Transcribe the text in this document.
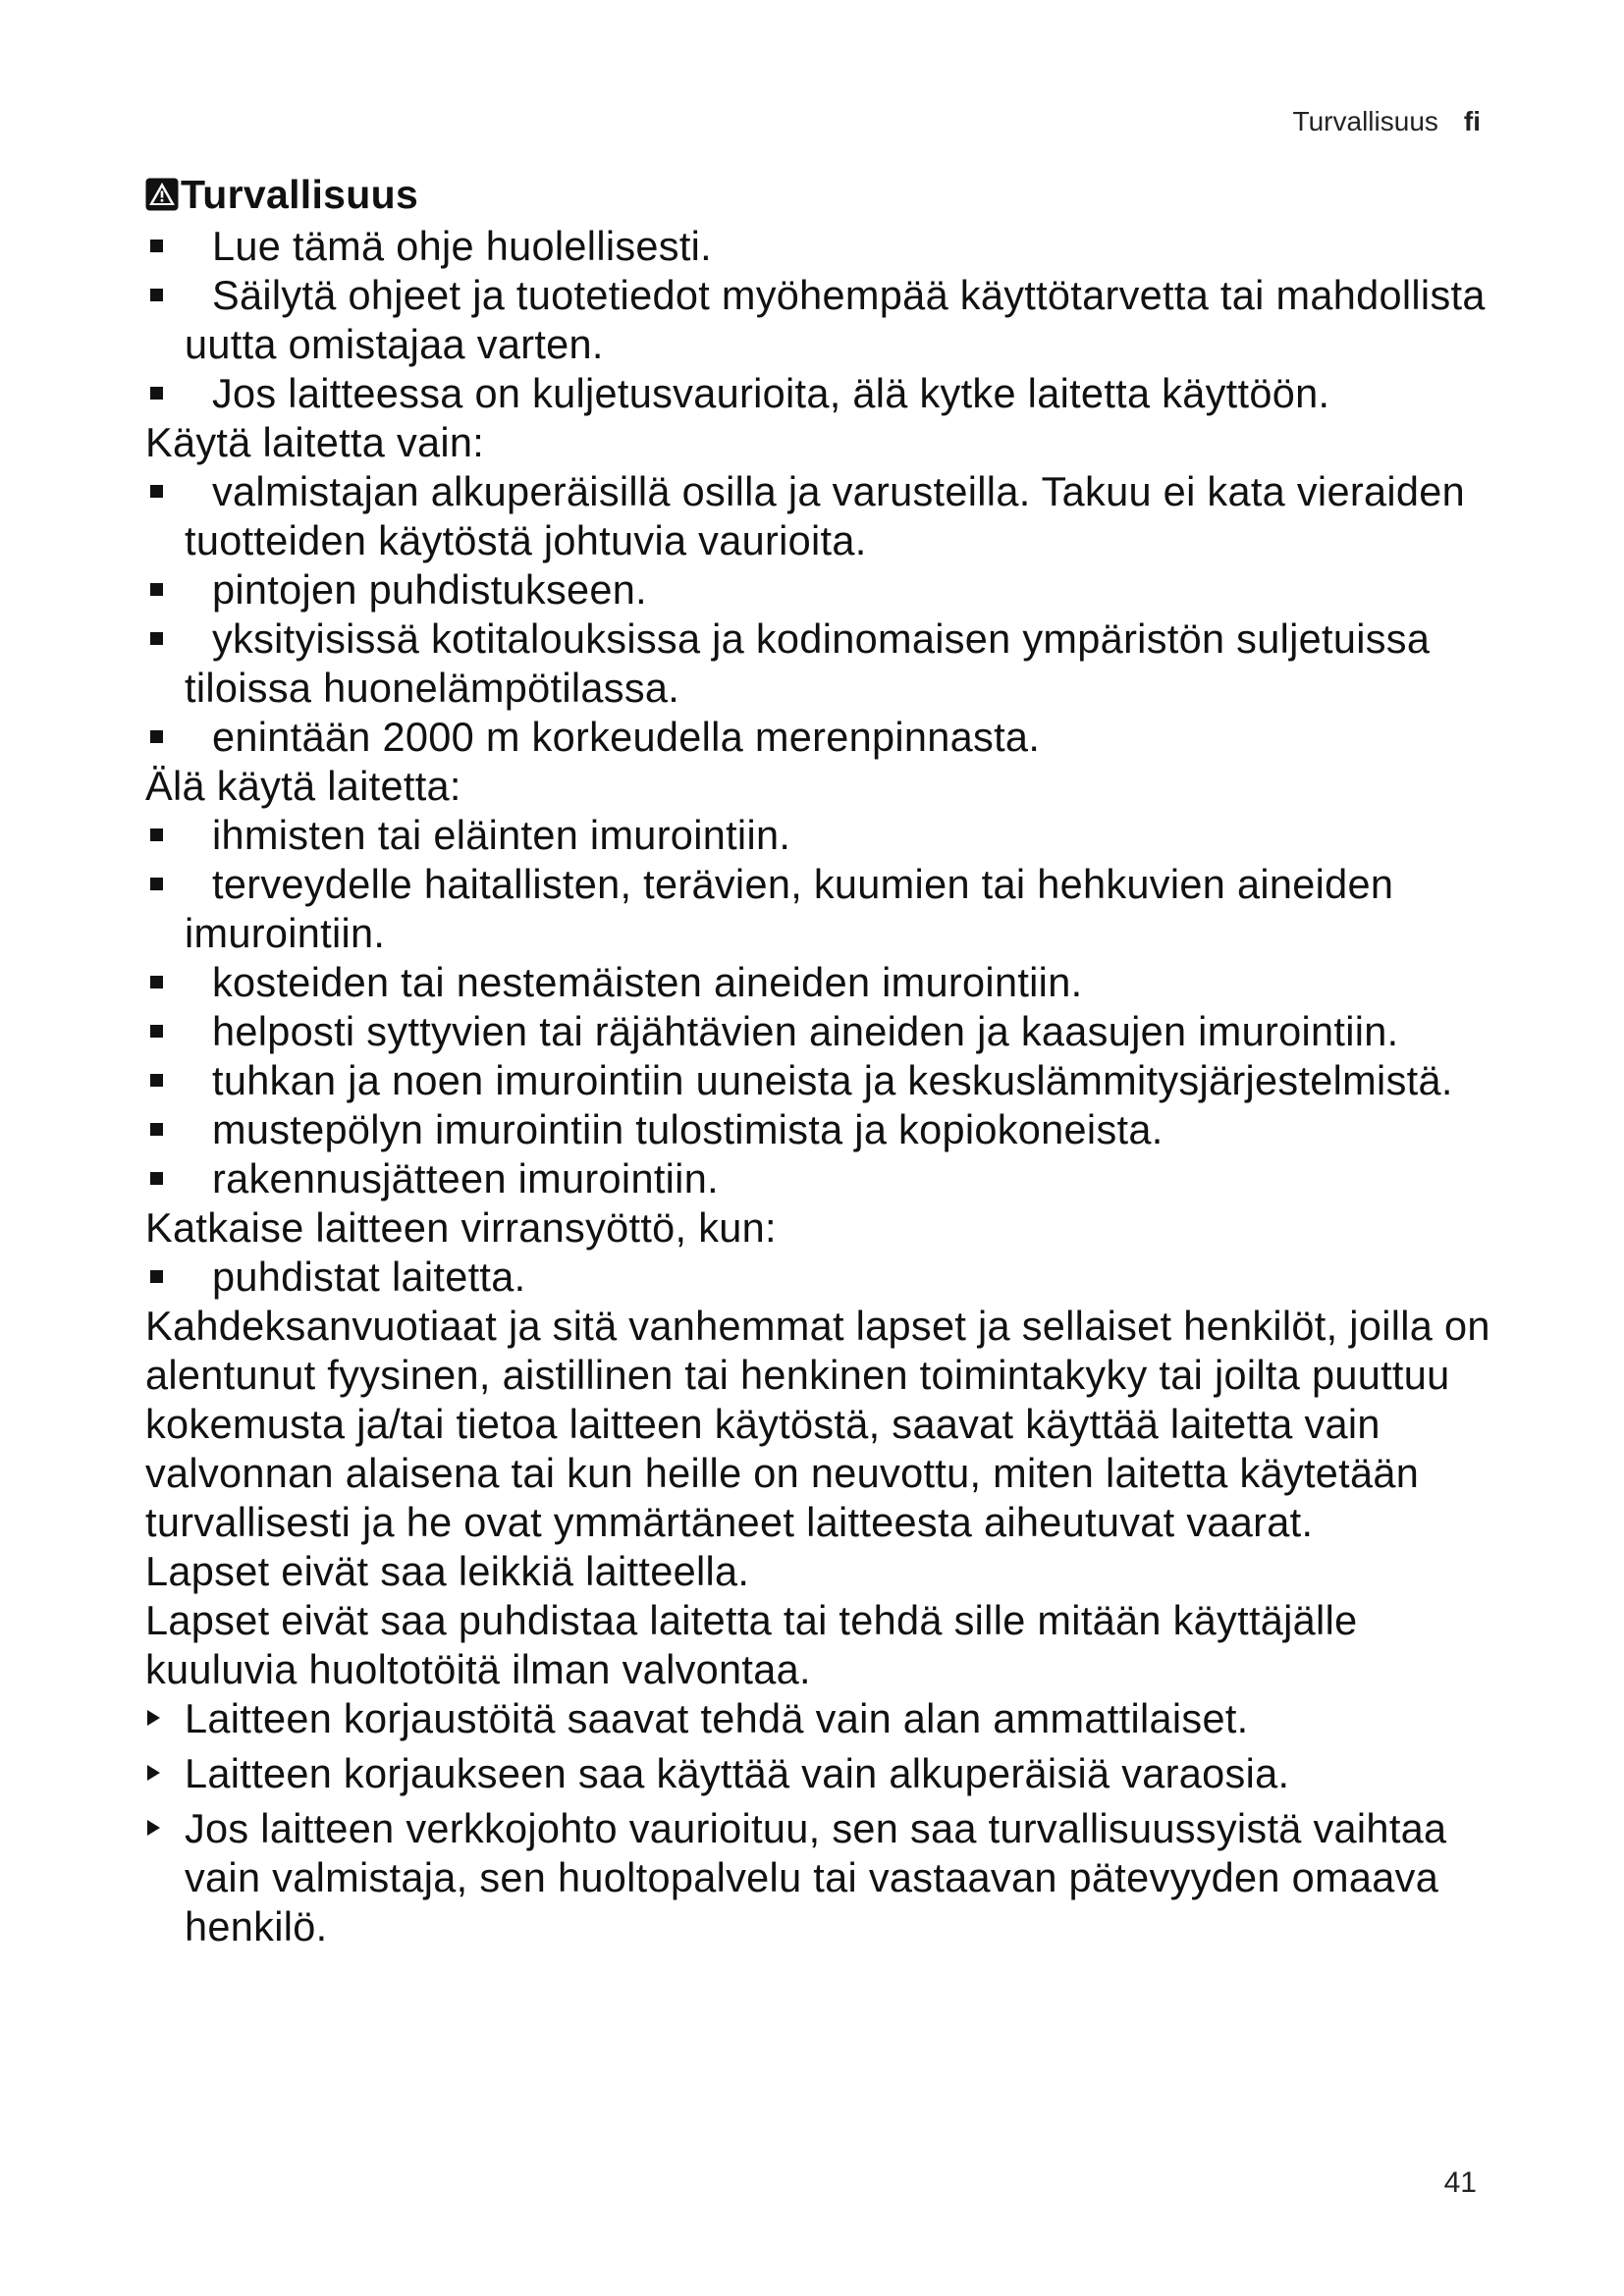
Turvallisuus fi
Turvallisuus
Lue tämä ohje huolellisesti.
Säilytä ohjeet ja tuotetiedot myöhempää käyttötarvetta tai mahdollista uutta omistajaa varten.
Jos laitteessa on kuljetusvaurioita, älä kytke laitetta käyttöön.

Käytä laitetta vain:

valmistajan alkuperäisillä osilla ja varusteilla. Takuu ei kata vieraiden tuotteiden käytöstä johtuvia vaurioita.
pintojen puhdistukseen.
yksityisissä kotitalouksissa ja kodinomaisen ympäristön suljetuissa tiloissa huonelämpötilassa.
enintään 2000 m korkeudella merenpinnasta.

Älä käytä laitetta:

ihmisten tai eläinten imurointiin.
terveydelle haitallisten, terävien, kuumien tai hehkuvien aineiden imurointiin.
kosteiden tai nestemäisten aineiden imurointiin.
helposti syttyvien tai räjähtävien aineiden ja kaasujen imurointiin.
tuhkan ja noen imurointiin uuneista ja keskuslämmitysjärjestelmistä.
mustepölyn imurointiin tulostimista ja kopiokoneista.
rakennusjätteen imurointiin.

Katkaise laitteen virransyöttö, kun:

puhdistat laitetta.

Kahdeksanvuotiaat ja sitä vanhemmat lapset ja sellaiset henkilöt, joilla on alentunut fyysinen, aistillinen tai henkinen toimintakyky tai joilta puuttuu kokemusta ja/tai tietoa laitteen käytöstä, saavat käyttää laitetta vain valvonnan alaisena tai kun heille on neuvottu, miten laitetta käytetään turvallisesti ja he ovat ymmärtäneet laitteesta aiheutuvat vaarat.

Lapset eivät saa leikkiä laitteella.

Lapset eivät saa puhdistaa laitetta tai tehdä sille mitään käyttäjälle kuuluvia huoltotöitä ilman valvontaa.

Laitteen korjaustöitä saavat tehdä vain alan ammattilaiset.
Laitteen korjaukseen saa käyttää vain alkuperäisiä varaosia.
Jos laitteen verkkojohto vaurioituu, sen saa turvallisuussyistä vaihtaa vain valmistaja, sen huoltopalvelu tai vastaavan pätevyyden omaava henkilö.
41
